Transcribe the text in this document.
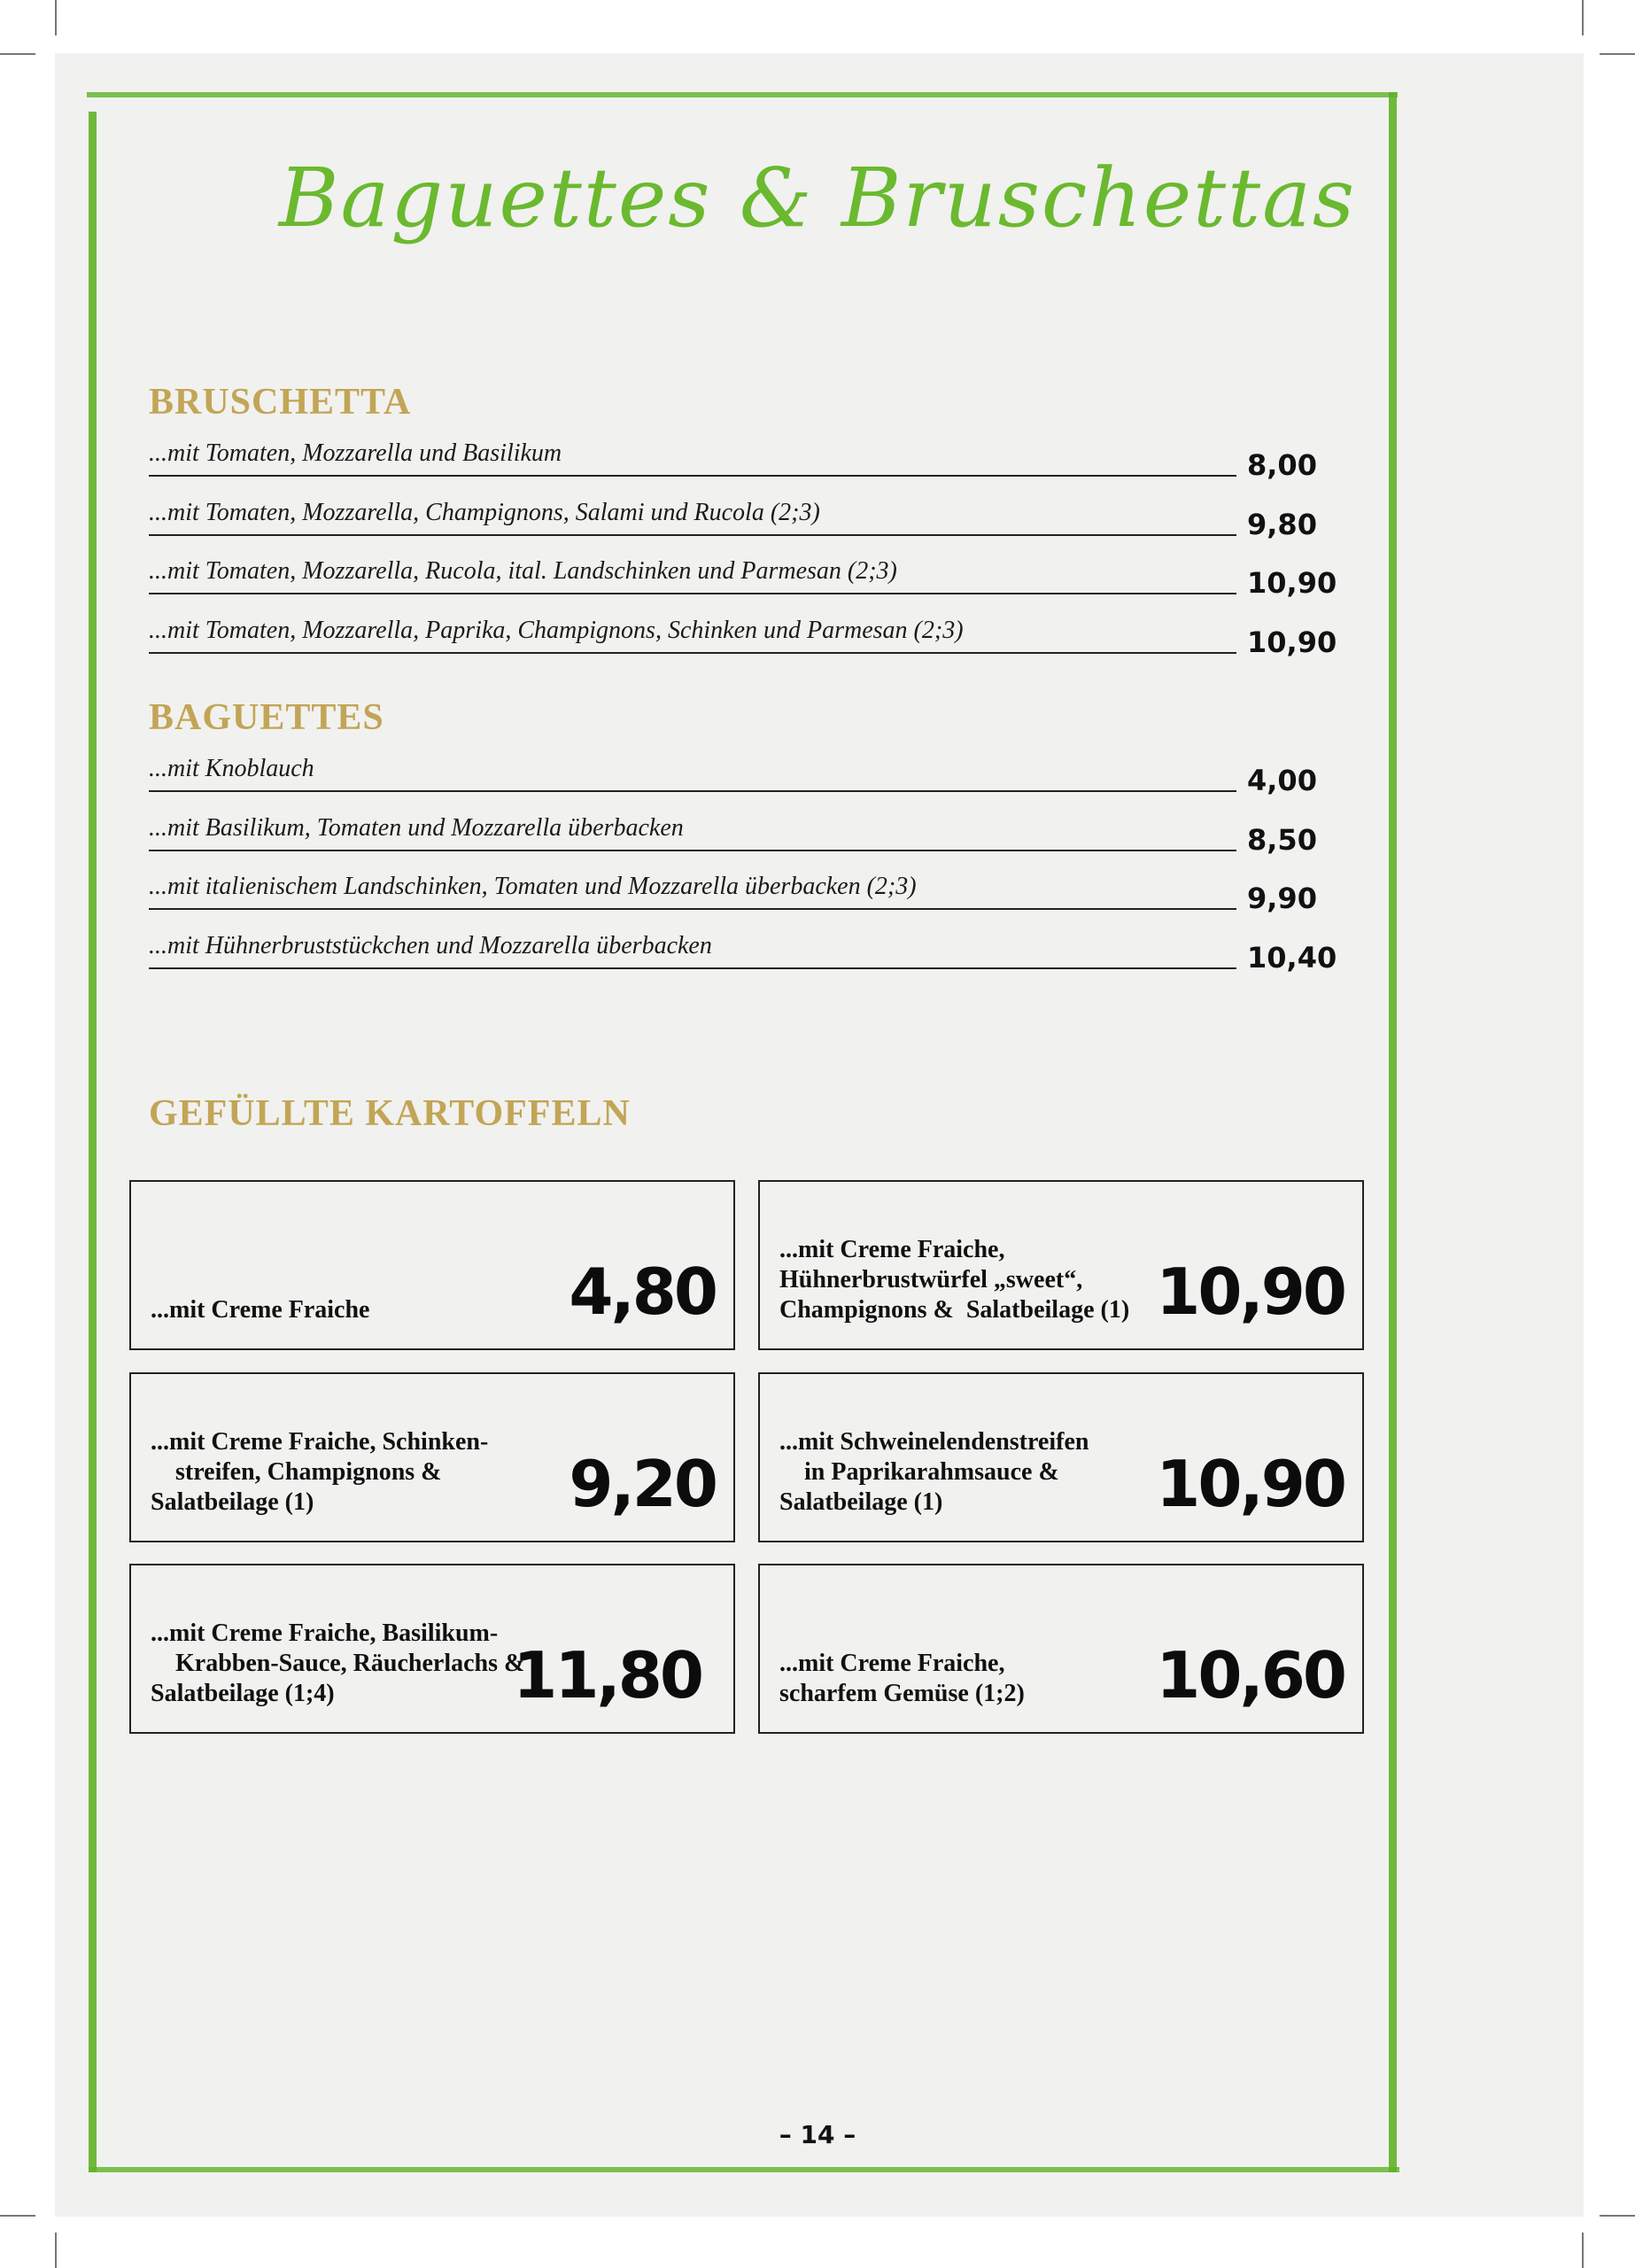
Baguettes & Bruschettas
BRUSCHETTA
...mit Tomaten, Mozzarella und Basilikum	8,00
...mit Tomaten, Mozzarella, Champignons, Salami und Rucola (2;3)	9,80
...mit Tomaten, Mozzarella, Rucola, ital. Landschinken und Parmesan (2;3)	10,90
...mit Tomaten, Mozzarella, Paprika, Champignons, Schinken und Parmesan (2;3)	10,90
BAGUETTES
...mit Knoblauch	4,00
...mit Basilikum, Tomaten und Mozzarella überbacken	8,50
...mit italienischem Landschinken, Tomaten und Mozzarella überbacken (2;3)	9,90
...mit Hühnerbruststückchen und Mozzarella überbacken	10,40
GEFÜLLTE KARTOFFELN
...mit Creme Fraiche	4,80
...mit Creme Fraiche,
Hühnerbrustwürfel „sweet“,
Champignons &  Salatbeilage (1) 10,90
...mit Creme Fraiche, Schinken-
streifen, Champignons &
Salatbeilage (1)	9,20
...mit Schweinelendenstreifen
in Paprikarahmsauce &
Salatbeilage (1)	10,90
...mit Creme Fraiche, Basilikum-
Krabben-Sauce, Räucherlachs &
Salatbeilage (1;4)	11,80	...mit Creme Fraiche,
scharfem Gemüse (1;2) 10,60
– 14 –
